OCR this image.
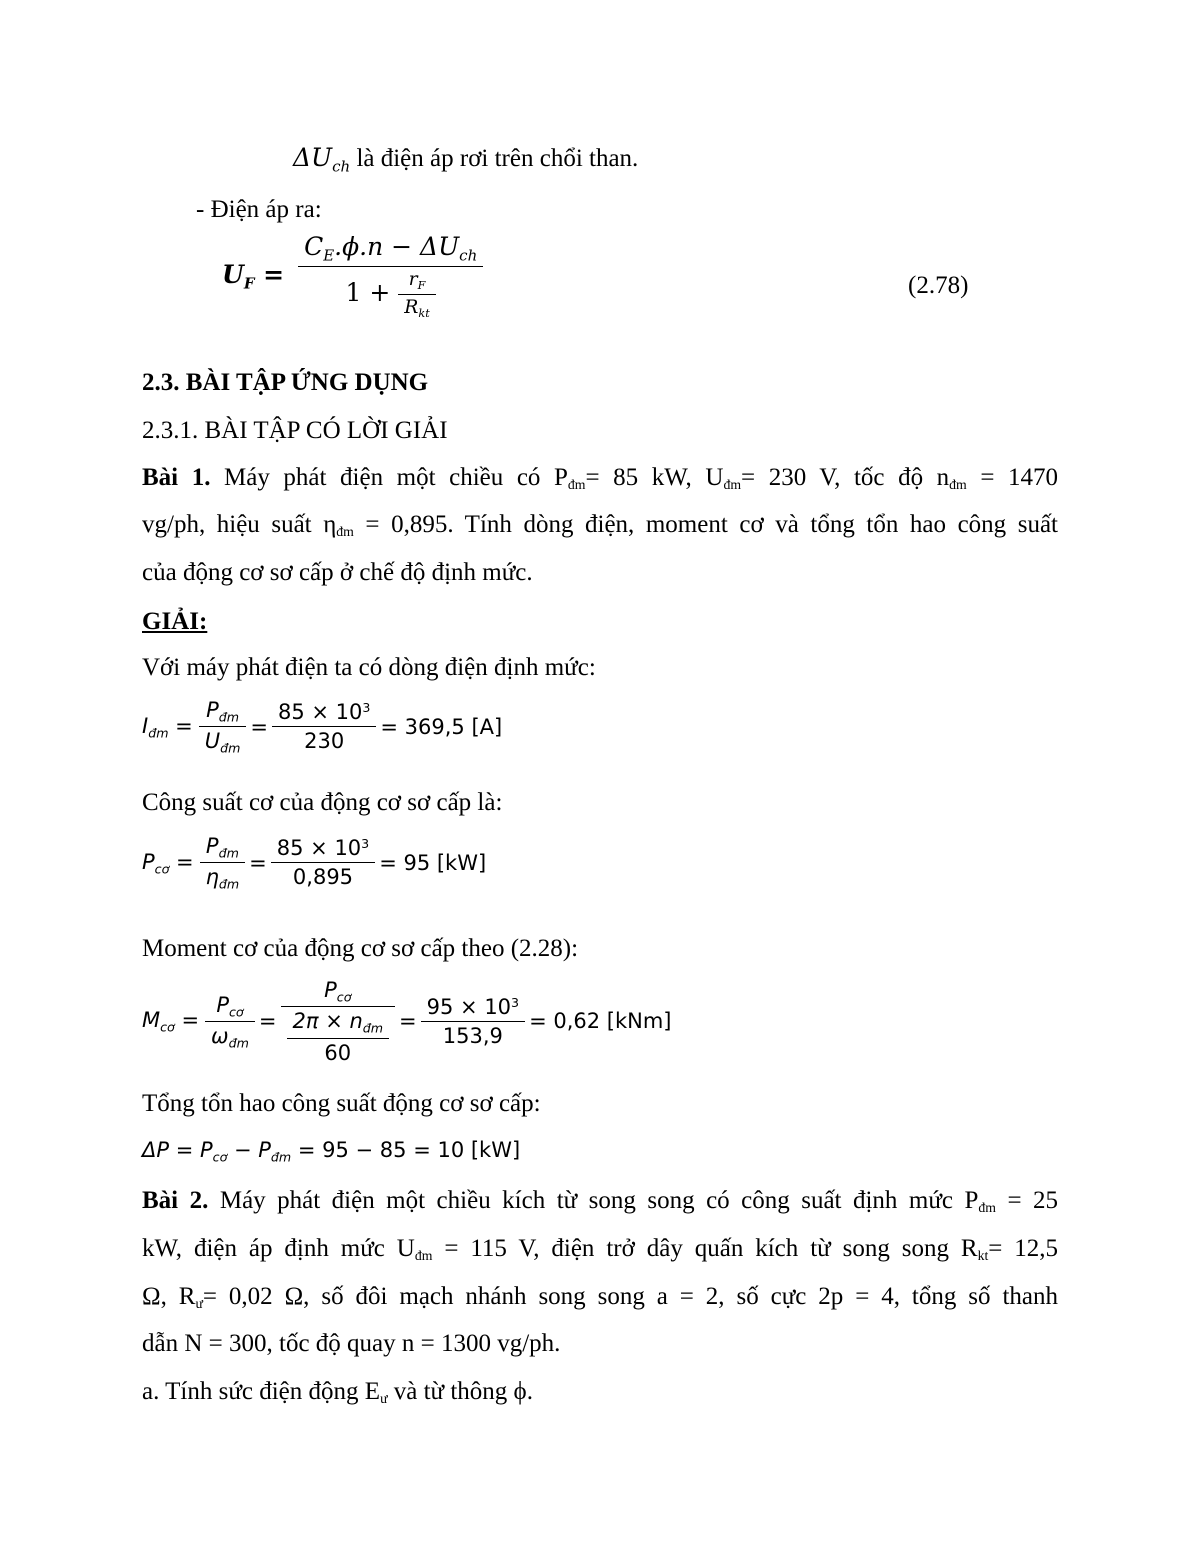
$\Delta U_{ch}$ là điện áp rơi trên chổi than.
- Điện áp ra:
$U_F = \frac{C_E.\phi.n - \Delta U_{ch}}{1 + \frac{r_F}{R_{kt}}}$	(2.78)
2.3. BÀI TẬP ỨNG DỤNG
2.3.1. BÀI TẬP CÓ LỜI GIẢI
Bài 1. Máy phát điện một chiều có Pđm= 85 kW, Uđm= 230 V, tốc độ nđm = 1470
vg/ph, hiệu suất ηđm = 0,895. Tính dòng điện, moment cơ và tổng tổn hao công suất
của động cơ sơ cấp ở chế độ định mức.
GIẢI:
Với máy phát điện ta có dòng điện định mức:
$I_{đm} = \frac{P_{đm}}{U_{đm}} = \frac{85 \times 10^3}{230} = 369,5$ [A]
Công suất cơ của động cơ sơ cấp là:
$P_{cơ} = \frac{P_{đm}}{\eta_{đm}} = \frac{85 \times 10^3}{0,895} = 95$ [kW]
Moment cơ của động cơ sơ cấp theo (2.28):
$M_{cơ} = \frac{P_{cơ}}{\omega_{đm}} = \frac{P_{cơ}}{\frac{2\pi \times n_{đm}}{60}} = \frac{95 \times 10^3}{153,9} = 0,62$ [kNm]
Tổng tổn hao công suất động cơ sơ cấp:
$\Delta P = P_{cơ} - P_{đm} = 95 - 85 = 10$ [kW]
Bài 2. Máy phát điện một chiều kích từ song song có công suất định mức Pđm = 25
kW, điện áp định mức Uđm = 115 V, điện trở dây quấn kích từ song song Rkt= 12,5
Ω, Rư= 0,02 Ω, số đôi mạch nhánh song song a = 2, số cực 2p = 4, tổng số thanh
dẫn N = 300, tốc độ quay n = 1300 vg/ph.
a. Tính sức điện động Eư và từ thông ϕ.
